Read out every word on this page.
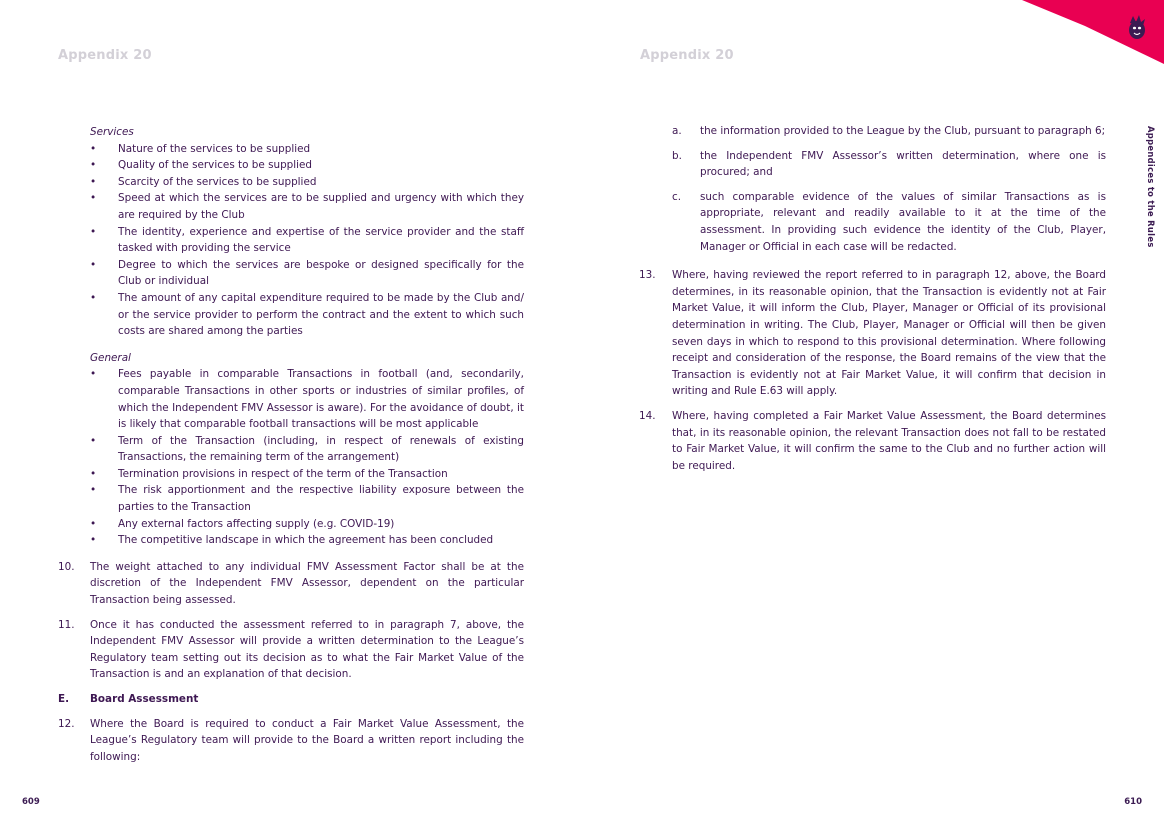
Appendix 20	Appendix 20
Appendices to the Rules
Services
• Nature of the services to be supplied
• Quality of the services to be supplied
• Scarcity of the services to be supplied
• Speed at which the services are to be supplied and urgency with which they are required by the Club
• The identity, experience and expertise of the service provider and the staff tasked with providing the service
• Degree to which the services are bespoke or designed specifically for the Club or individual
• The amount of any capital expenditure required to be made by the Club and/ or the service provider to perform the contract and the extent to which such costs are shared among the parties
General
• Fees payable in comparable Transactions in football (and, secondarily, comparable Transactions in other sports or industries of similar profiles, of which the Independent FMV Assessor is aware). For the avoidance of doubt, it is likely that comparable football transactions will be most applicable
• Term of the Transaction (including, in respect of renewals of existing Transactions, the remaining term of the arrangement)
• Termination provisions in respect of the term of the Transaction
• The risk apportionment and the respective liability exposure between the parties to the Transaction
• Any external factors affecting supply (e.g. COVID-19)
• The competitive landscape in which the agreement has been concluded
10. The weight attached to any individual FMV Assessment Factor shall be at the discretion of the Independent FMV Assessor, dependent on the particular Transaction being assessed.
11. Once it has conducted the assessment referred to in paragraph 7, above, the Independent FMV Assessor will provide a written determination to the League’s Regulatory team setting out its decision as to what the Fair Market Value of the Transaction is and an explanation of that decision.
E. Board Assessment
12. Where the Board is required to conduct a Fair Market Value Assessment, the League’s Regulatory team will provide to the Board a written report including the following:
a. the information provided to the League by the Club, pursuant to paragraph 6;
b. the Independent FMV Assessor’s written determination, where one is procured; and
c. such comparable evidence of the values of similar Transactions as is appropriate, relevant and readily available to it at the time of the assessment. In providing such evidence the identity of the Club, Player, Manager or Official in each case will be redacted.
13. Where, having reviewed the report referred to in paragraph 12, above, the Board determines, in its reasonable opinion, that the Transaction is evidently not at Fair Market Value, it will inform the Club, Player, Manager or Official of its provisional determination in writing. The Club, Player, Manager or Official will then be given seven days in which to respond to this provisional determination. Where following receipt and consideration of the response, the Board remains of the view that the Transaction is evidently not at Fair Market Value, it will confirm that decision in writing and Rule E.63 will apply.
14. Where, having completed a Fair Market Value Assessment, the Board determines that, in its reasonable opinion, the relevant Transaction does not fall to be restated to Fair Market Value, it will confirm the same to the Club and no further action will be required.
609	610
